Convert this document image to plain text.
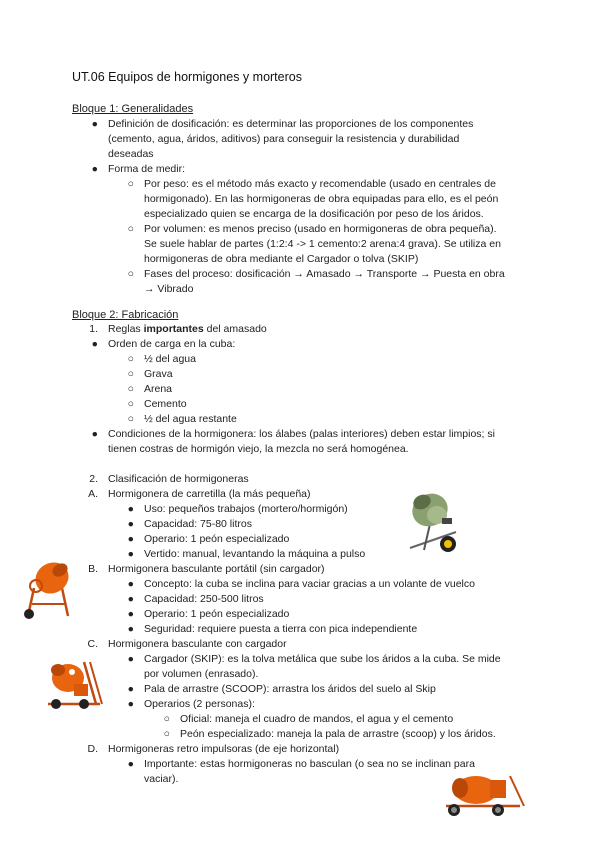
UT.06 Equipos de hormigones y morteros
Bloque 1: Generalidades
● Definición de dosificación: es determinar las proporciones de los componentes
(cemento, agua, áridos, aditivos) para conseguir la resistencia y durabilidad
deseadas
● Forma de medir:
○ Por peso: es el método más exacto y recomendable (usado en centrales de
hormigonado). En las hormigoneras de obra equipadas para ello, es el peón
especializado quien se encarga de la dosificación por peso de los áridos.
○ Por volumen: es menos preciso (usado en hormigoneras de obra pequeña).
Se suele hablar de partes (1:2:4 -> 1 cemento:2 arena:4 grava). Se utiliza en
hormigoneras de obra mediante el Cargador o tolva (SKIP)
○ Fases del proceso: dosificación → Amasado → Transporte → Puesta en obra
→ Vibrado
Bloque 2: Fabricación
1. Reglas importantes del amasado
● Orden de carga en la cuba:
○ ½ del agua
○ Grava
○ Arena
○ Cemento
○ ½ del agua restante
● Condiciones de la hormigonera: los álabes (palas interiores) deben estar limpios; si
tienen costras de hormigón viejo, la mezcla no será homogénea.
2. Clasificación de hormigoneras
A. Hormigonera de carretilla (la más pequeña)
● Uso: pequeños trabajos (mortero/hormigón)
● Capacidad: 75-80 litros
● Operario: 1 peón especializado
● Vertido: manual, levantando la máquina a pulso
B. Hormigonera basculante portátil (sin cargador)
● Concepto: la cuba se inclina para vaciar gracias a un volante de vuelco
● Capacidad: 250-500 litros
● Operario: 1 peón especializado
● Seguridad: requiere puesta a tierra con pica independiente
C. Hormigonera basculante con cargador
● Cargador (SKIP): es la tolva metálica que sube los áridos a la cuba. Se mide
por volumen (enrasado).
● Pala de arrastre (SCOOP): arrastra los áridos del suelo al Skip
● Operarios (2 personas):
○ Oficial: maneja el cuadro de mandos, el agua y el cemento
○ Peón especializado: maneja la pala de arrastre (scoop) y los áridos.
D. Hormigoneras retro impulsoras (de eje horizontal)
● Importante: estas hormigoneras no basculan (o sea no se inclinan para
vaciar).
